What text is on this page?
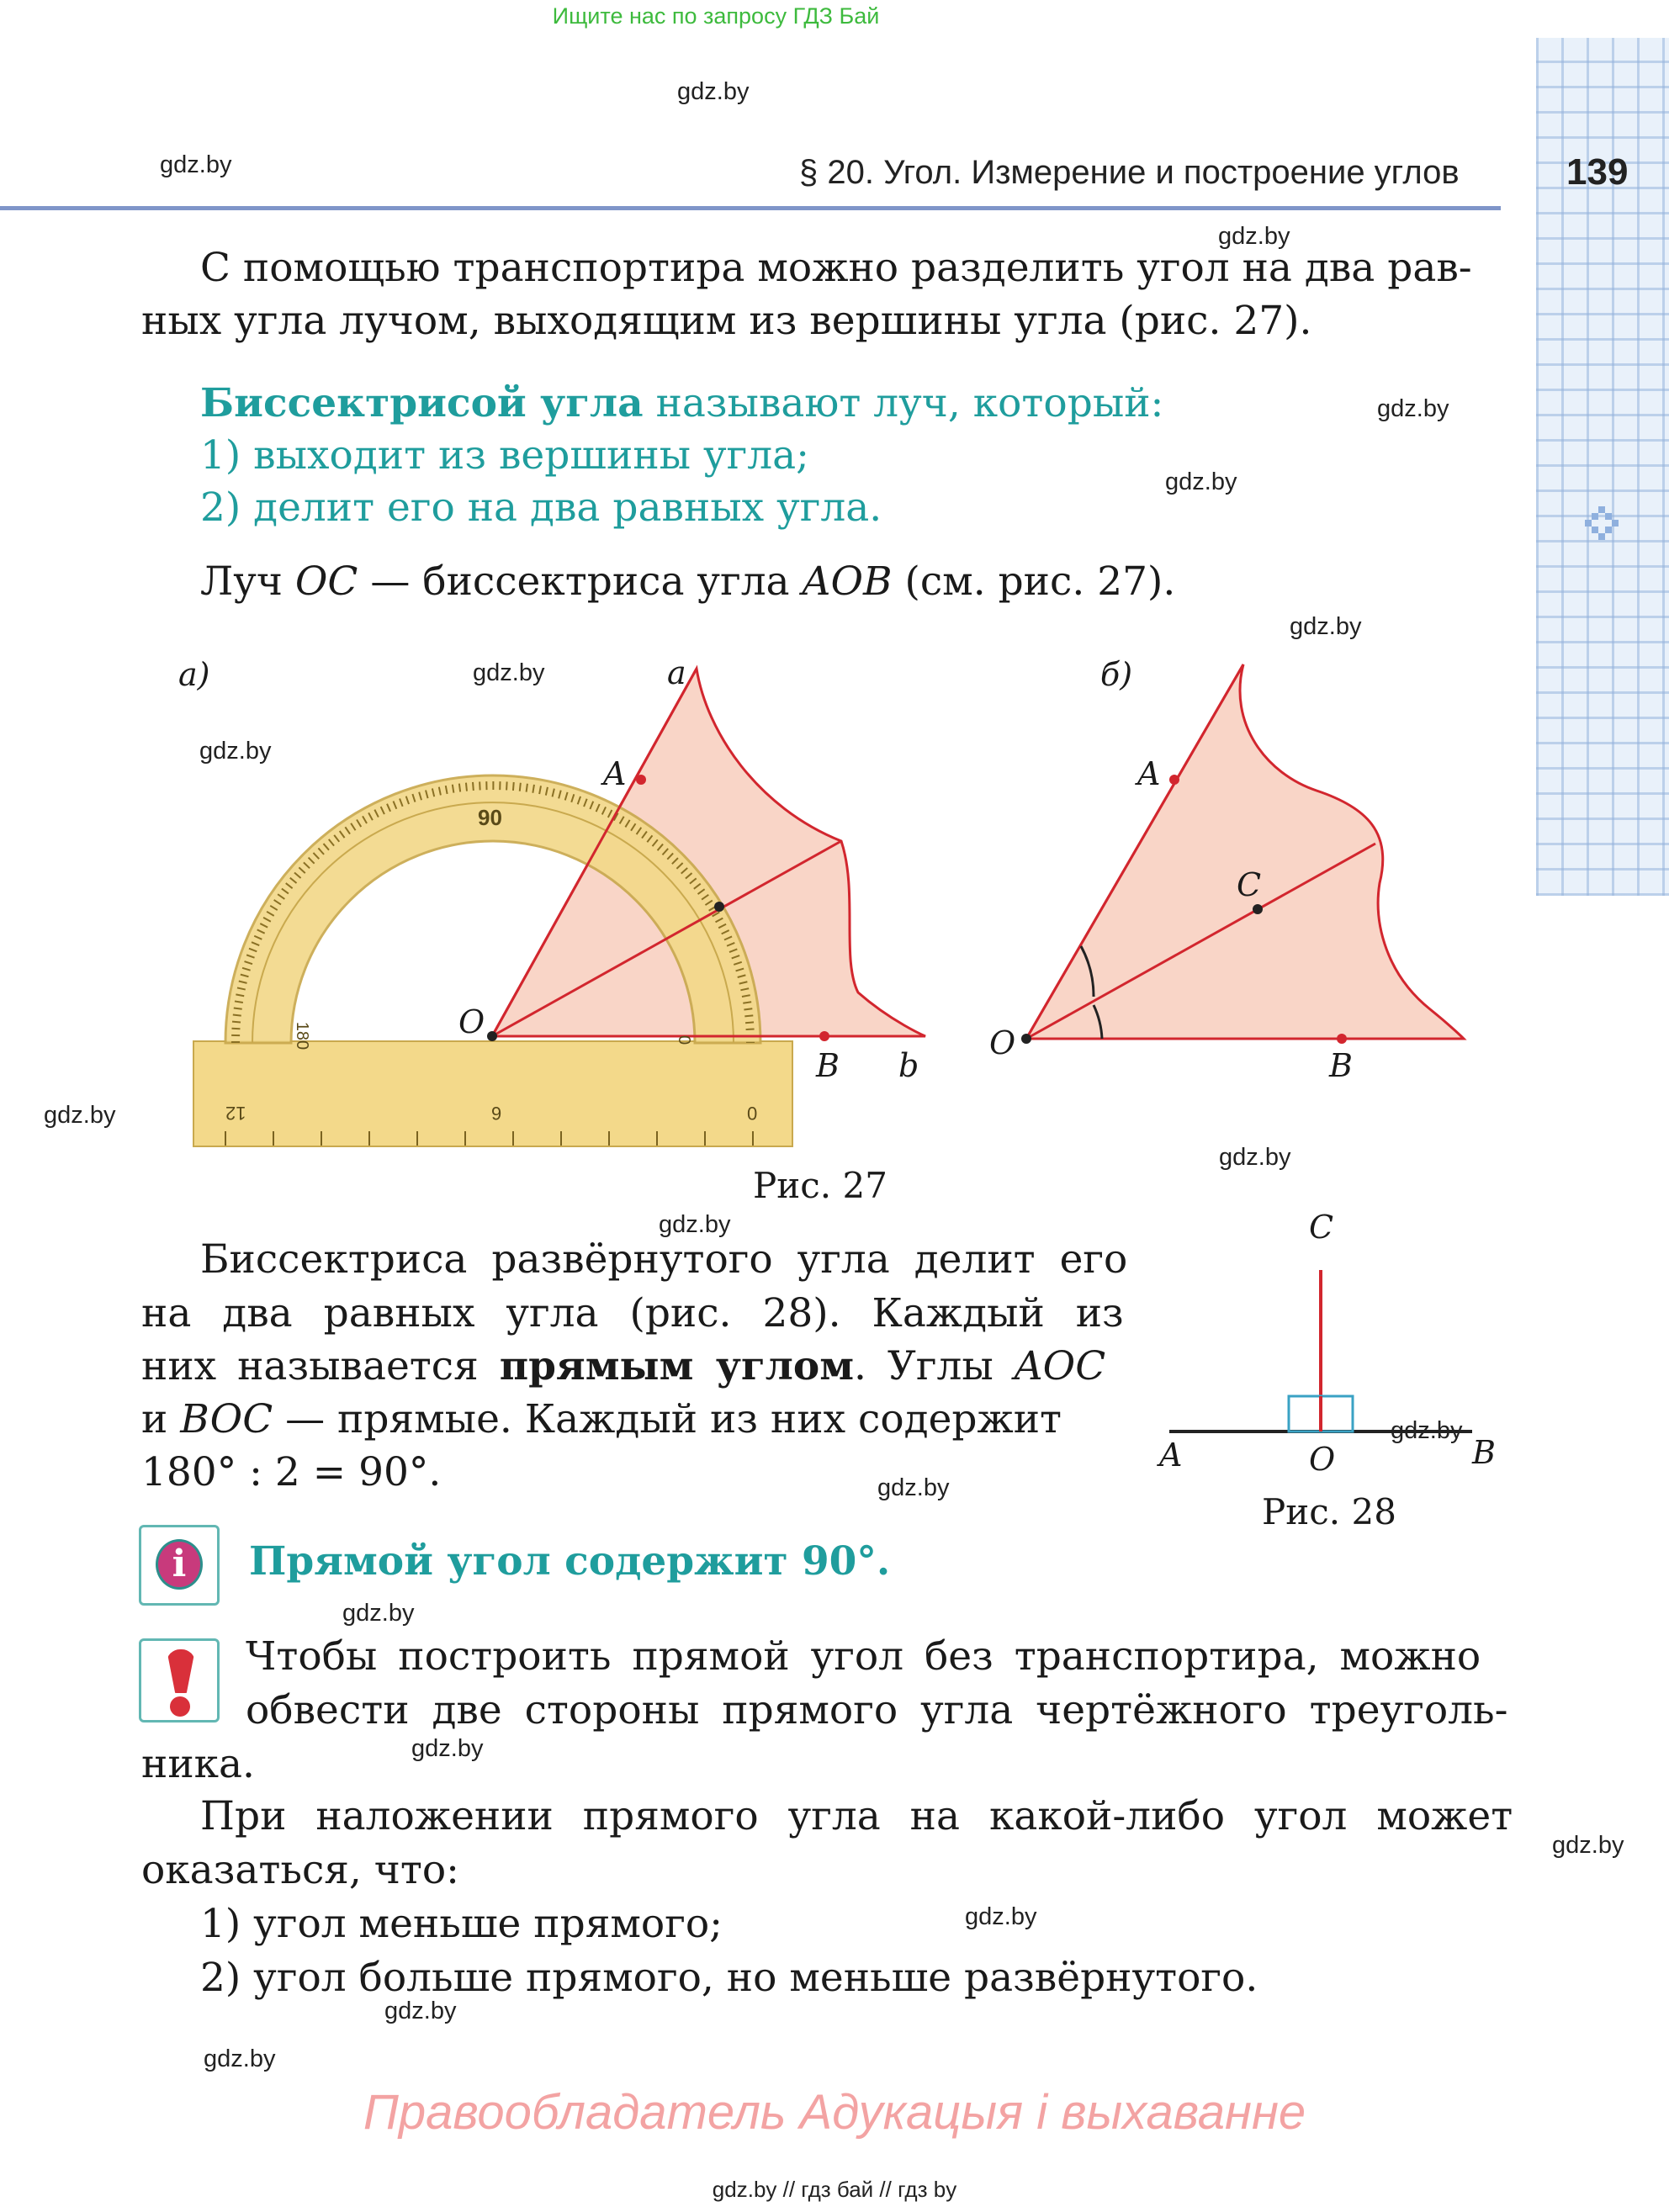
Ищите нас по запросу ГДЗ Бай
gdz.by
gdz.by
gdz.by
gdz.by
gdz.by
gdz.by
gdz.by
gdz.by
gdz.by
gdz.by
gdz.by
gdz.by
gdz.by
gdz.by
gdz.by
gdz.by
gdz.by
gdz.by
gdz.by
§ 20. Угол. Измерение и построение углов	139
С помощью транспортира можно разделить угол на два рав-
ных угла лучом, выходящим из вершины угла (рис. 27).
Биссектрисой угла называют луч, который:
1) выходит из вершины угла;
2) делит его на два равных угла.
Луч OC — биссектриса угла AOB (см. рис. 27).
а)
90
0
180
0
6
12
a
A
O
B b
б)
A
C
O
B
Рис. 27
Биссектриса развёрнутого угла делит его
на два равных угла (рис. 28). Каждый из
них называется прямым углом. Углы AOC
и BOC — прямые. Каждый из них содержит
180° : 2 = 90°.
C
A	O	B
Рис. 28
i	Прямой угол содержит 90°.
Чтобы построить прямой угол без транспортира, можно
обвести две стороны прямого угла чертёжного треуголь-
ника.
При наложении прямого угла на какой-либо угол может
оказаться, что:
1) угол меньше прямого;
2) угол больше прямого, но меньше развёрнутого.
Правообладатель Адукацыя і выхаванне
gdz.by // гдз бай // гдз by
